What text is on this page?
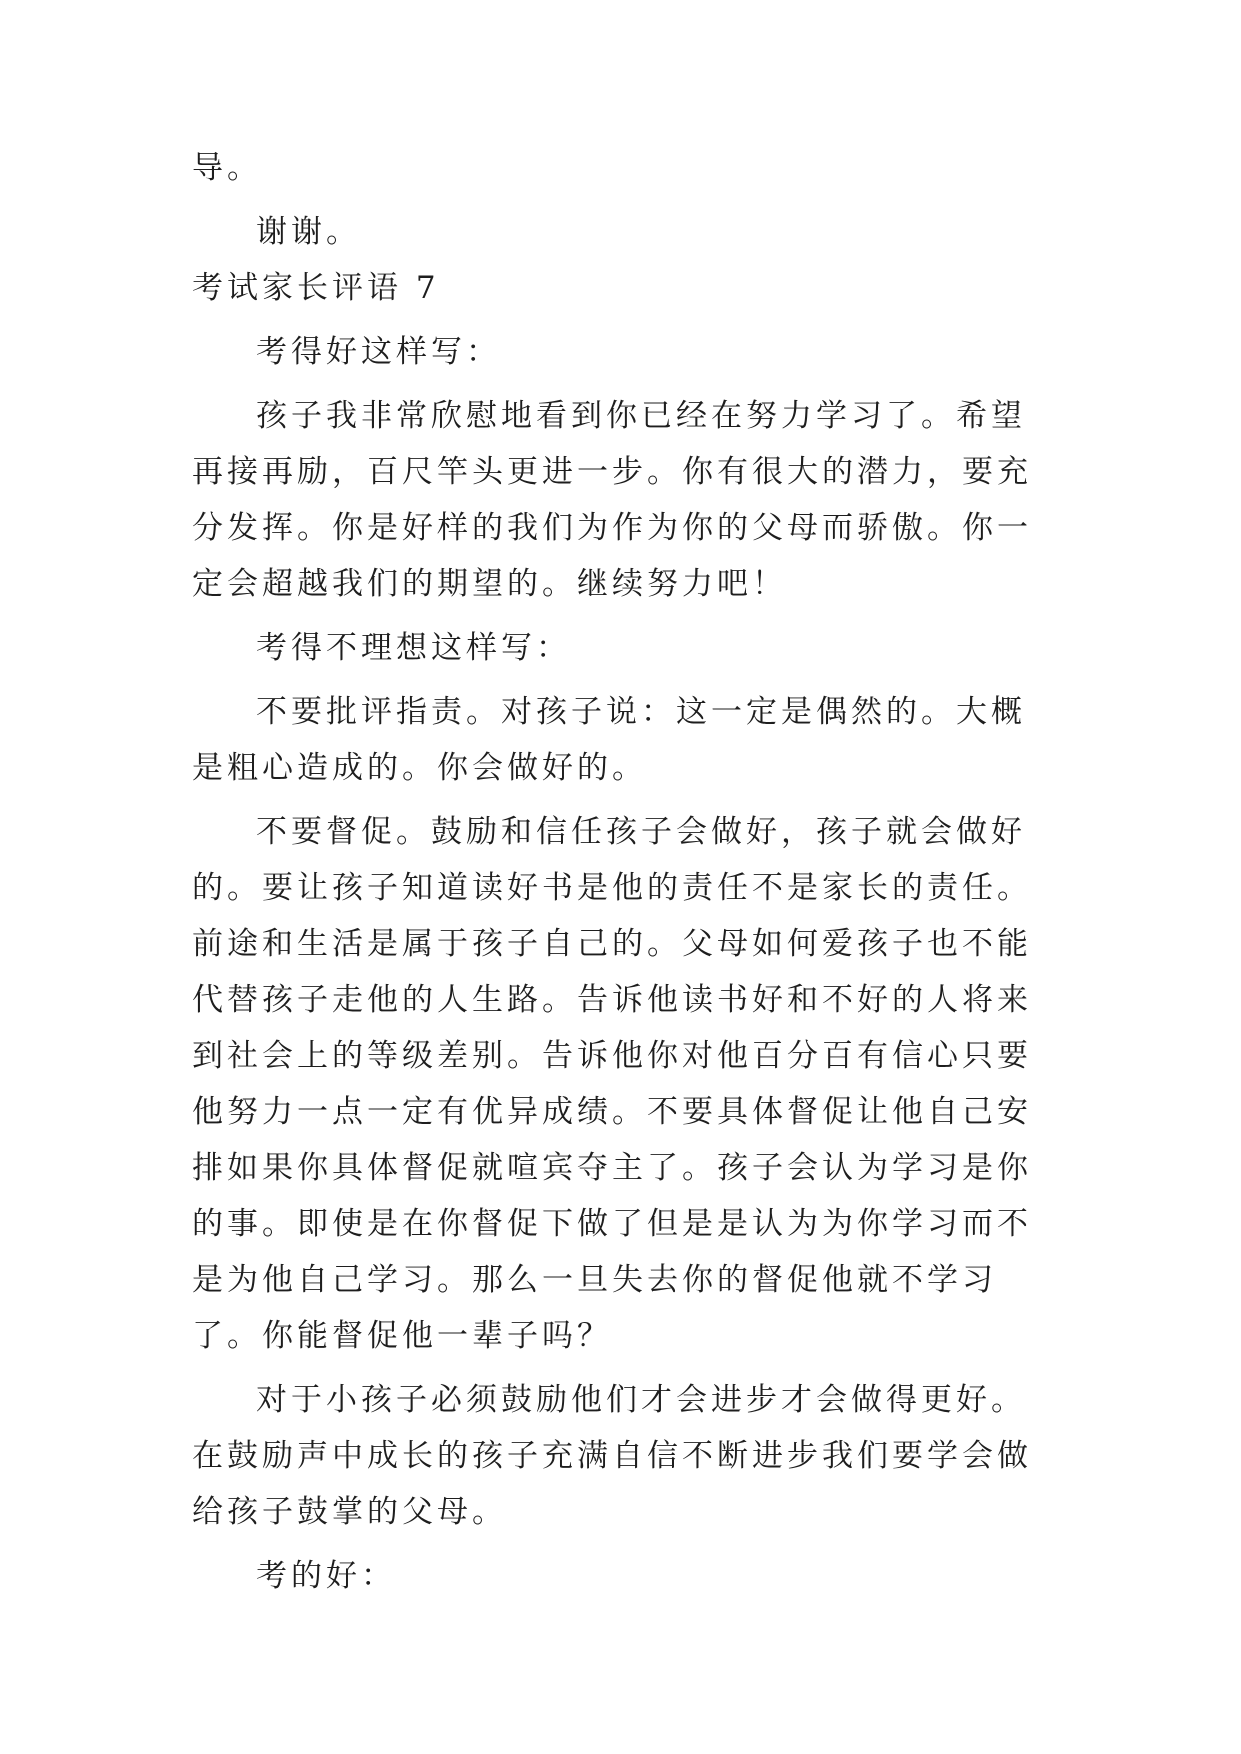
导。

谢谢。

考试家长评语 7

考得好这样写：

孩子我非常欣慰地看到你已经在努力学习了。希望再接再励，百尺竿头更进一步。你有很大的潜力，要充分发挥。你是好样的我们为作为你的父母而骄傲。你一定会超越我们的期望的。继续努力吧！

考得不理想这样写：

不要批评指责。对孩子说：这一定是偶然的。大概是粗心造成的。你会做好的。

不要督促。鼓励和信任孩子会做好，孩子就会做好的。要让孩子知道读好书是他的责任不是家长的责任。前途和生活是属于孩子自己的。父母如何爱孩子也不能代替孩子走他的人生路。告诉他读书好和不好的人将来到社会上的等级差别。告诉他你对他百分百有信心只要他努力一点一定有优异成绩。不要具体督促让他自己安排如果你具体督促就喧宾夺主了。孩子会认为学习是你的事。即使是在你督促下做了但是是认为为你学习而不是为他自己学习。那么一旦失去你的督促他就不学习了。你能督促他一辈子吗？

对于小孩子必须鼓励他们才会进步才会做得更好。在鼓励声中成长的孩子充满自信不断进步我们要学会做给孩子鼓掌的父母。

考的好：
